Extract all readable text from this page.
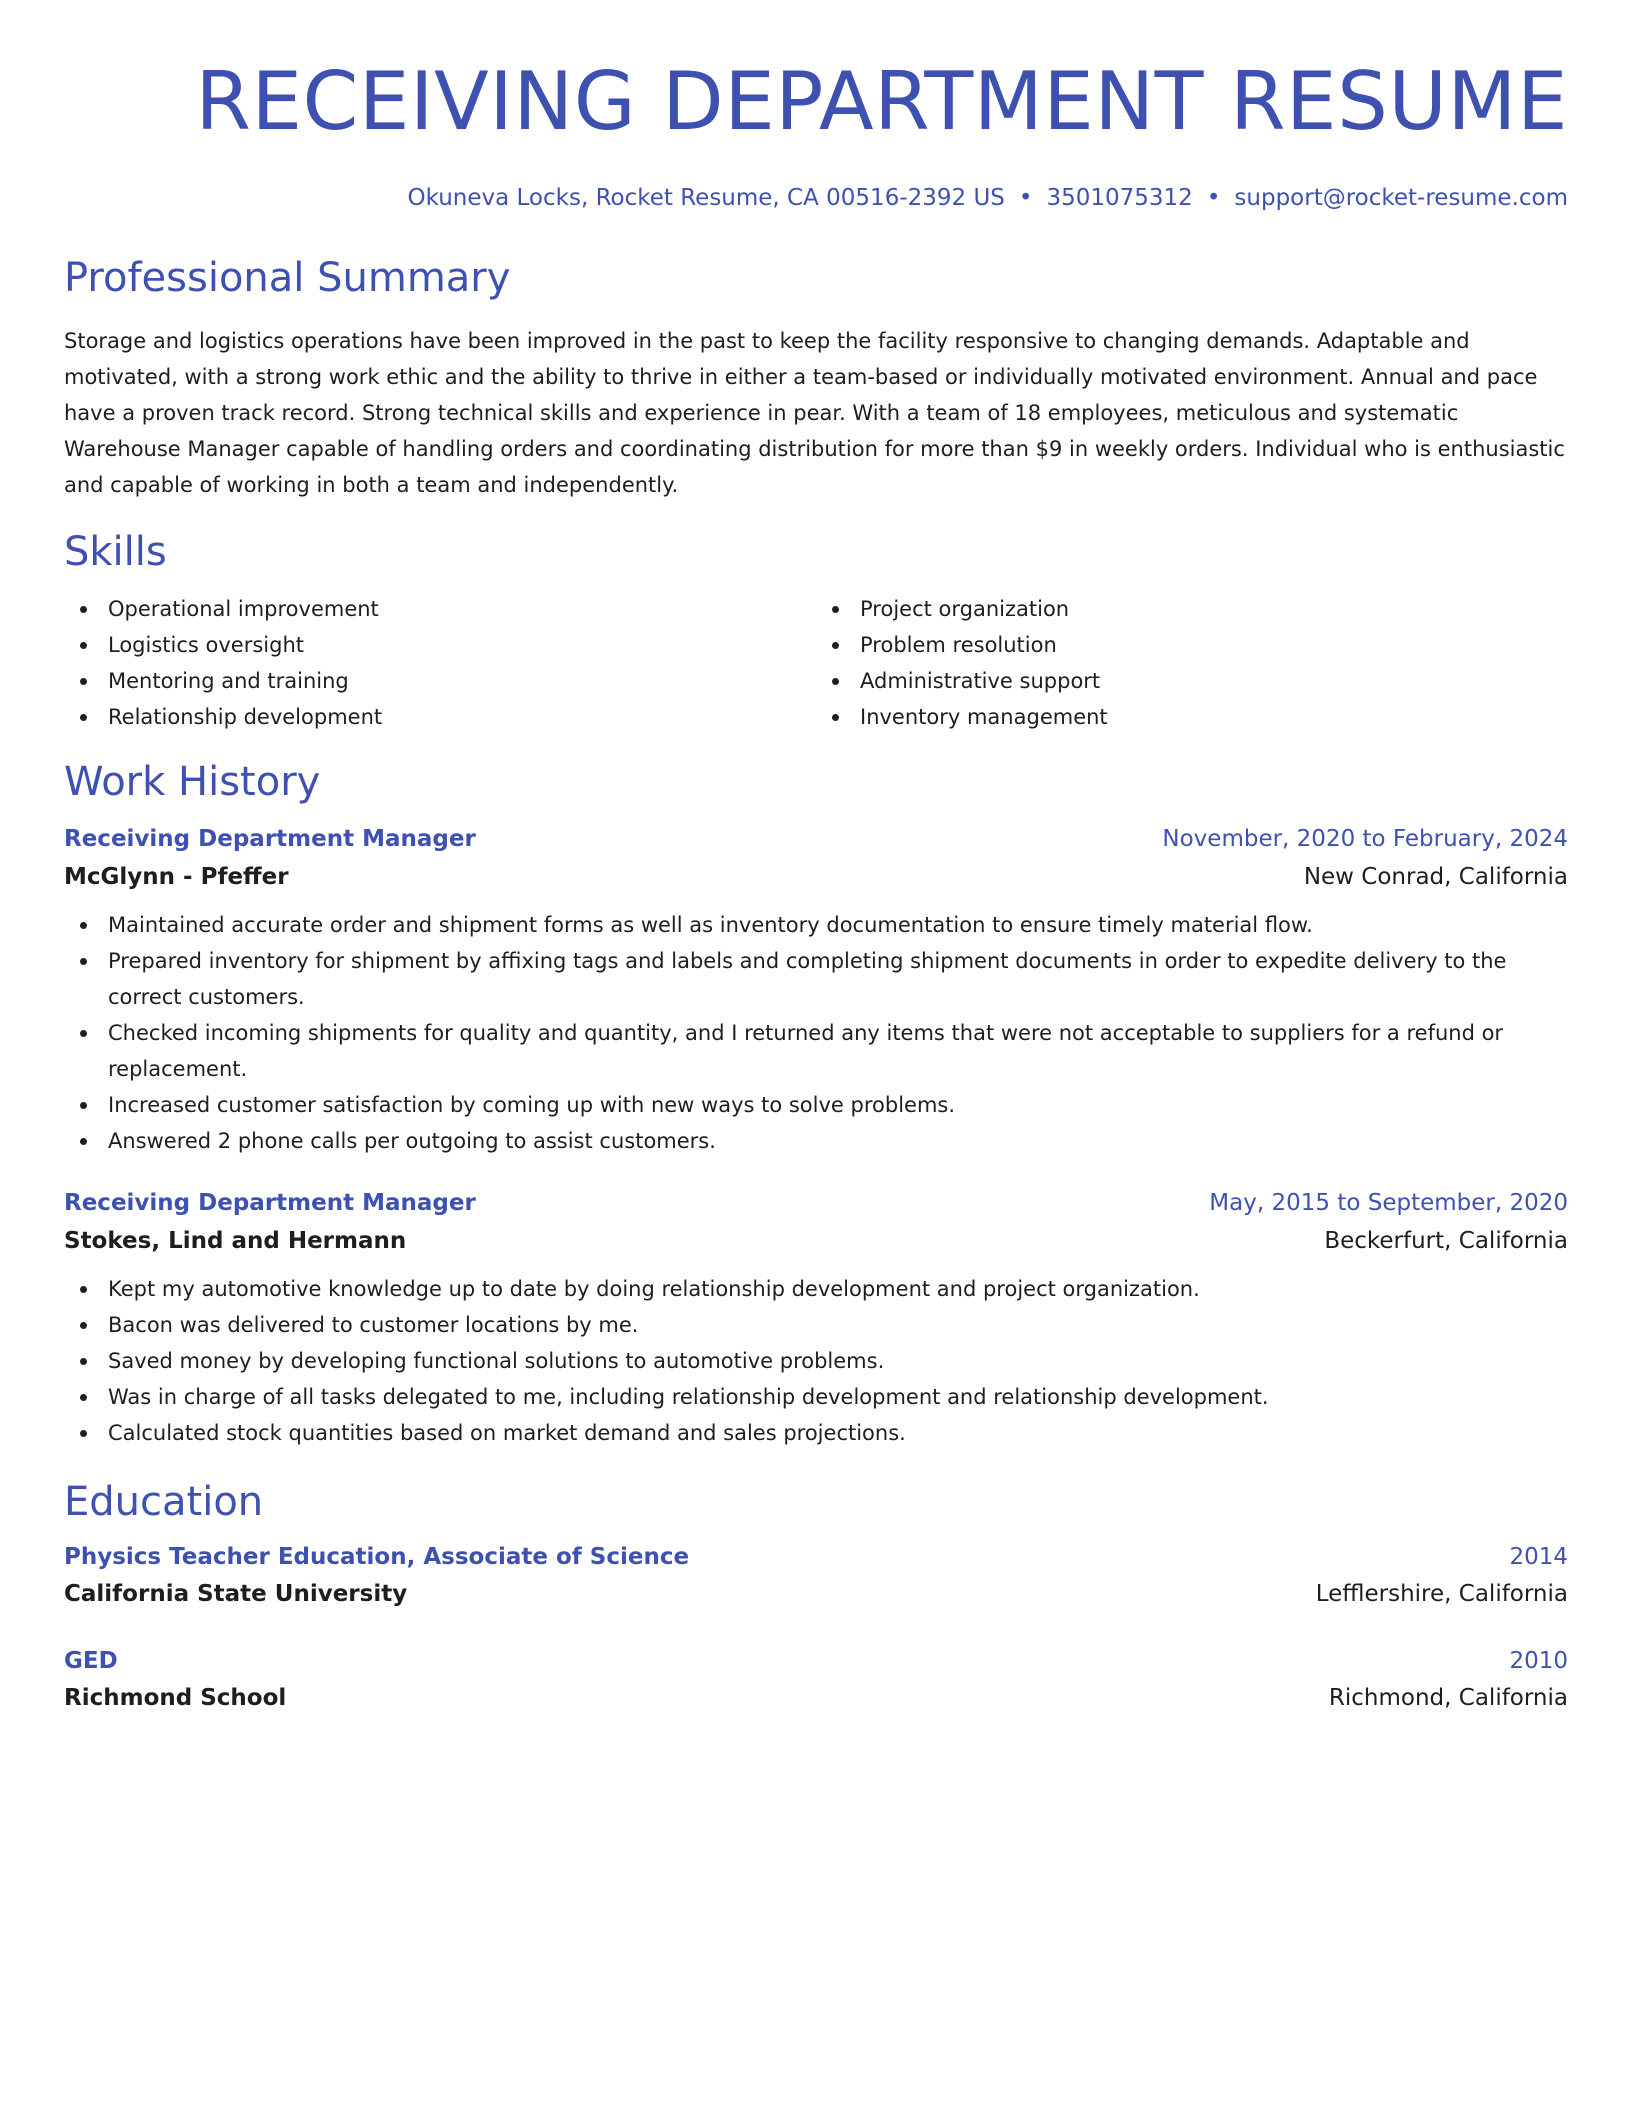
RECEIVING DEPARTMENT RESUME
Okuneva Locks, Rocket Resume, CA 00516-2392 US • 3501075312 • support@rocket-resume.com
Professional Summary
Storage and logistics operations have been improved in the past to keep the facility responsive to changing demands. Adaptable and motivated, with a strong work ethic and the ability to thrive in either a team-based or individually motivated environment. Annual and pace have a proven track record. Strong technical skills and experience in pear. With a team of 18 employees, meticulous and systematic Warehouse Manager capable of handling orders and coordinating distribution for more than $9 in weekly orders. Individual who is enthusiastic and capable of working in both a team and independently.
Skills
Operational improvement
Logistics oversight
Mentoring and training
Relationship development
Project organization
Problem resolution
Administrative support
Inventory management
Work History
Receiving Department Manager	November, 2020 to February, 2024
McGlynn - Pfeffer	New Conrad, California
Maintained accurate order and shipment forms as well as inventory documentation to ensure timely material flow.
Prepared inventory for shipment by affixing tags and labels and completing shipment documents in order to expedite delivery to the correct customers.
Checked incoming shipments for quality and quantity, and I returned any items that were not acceptable to suppliers for a refund or replacement.
Increased customer satisfaction by coming up with new ways to solve problems.
Answered 2 phone calls per outgoing to assist customers.
Receiving Department Manager	May, 2015 to September, 2020
Stokes, Lind and Hermann	Beckerfurt, California
Kept my automotive knowledge up to date by doing relationship development and project organization.
Bacon was delivered to customer locations by me.
Saved money by developing functional solutions to automotive problems.
Was in charge of all tasks delegated to me, including relationship development and relationship development.
Calculated stock quantities based on market demand and sales projections.
Education
Physics Teacher Education, Associate of Science	2014
California State University	Lefflershire, California
GED	2010
Richmond School	Richmond, California
